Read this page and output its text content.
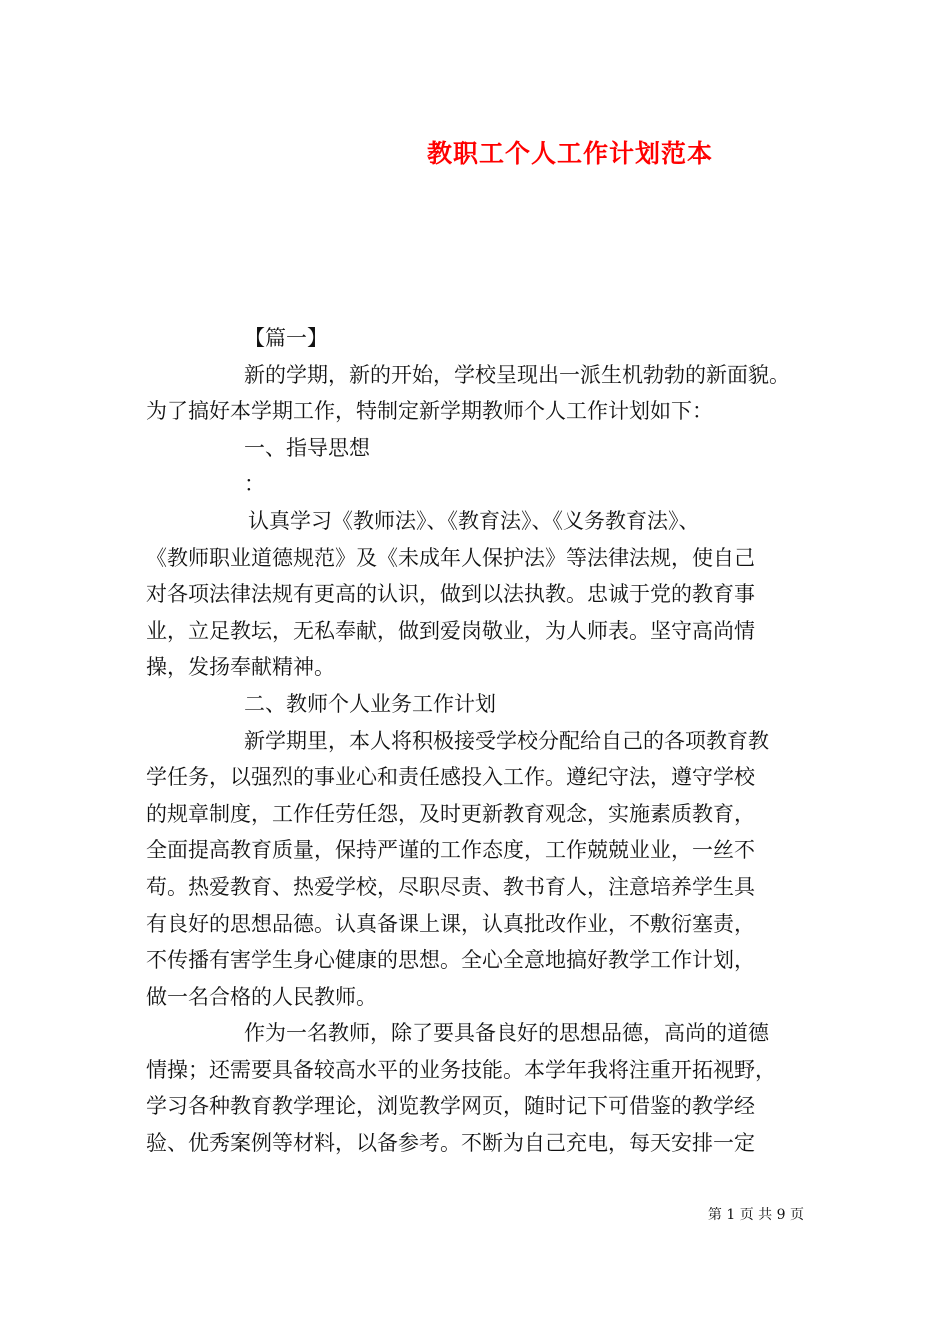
教职工个人工作计划范本
【篇一】
新的学期，新的开始，学校呈现出一派生机勃勃的新面貌。
为了搞好本学期工作，特制定新学期教师个人工作计划如下：
一、指导思想
：
认真学习《教师法》、《教育法》、《义务教育法》、
《教师职业道德规范》及《未成年人保护法》等法律法规，使自己
对各项法律法规有更高的认识，做到以法执教。忠诚于党的教育事
业，立足教坛，无私奉献，做到爱岗敬业，为人师表。坚守高尚情
操，发扬奉献精神。
二、教师个人业务工作计划
新学期里，本人将积极接受学校分配给自己的各项教育教
学任务，以强烈的事业心和责任感投入工作。遵纪守法，遵守学校
的规章制度，工作任劳任怨，及时更新教育观念，实施素质教育，
全面提高教育质量，保持严谨的工作态度，工作兢兢业业，一丝不
苟。热爱教育、热爱学校，尽职尽责、教书育人，注意培养学生具
有良好的思想品德。认真备课上课，认真批改作业，不敷衍塞责，
不传播有害学生身心健康的思想。全心全意地搞好教学工作计划，
做一名合格的人民教师。
作为一名教师，除了要具备良好的思想品德，高尚的道德
情操；还需要具备较高水平的业务技能。本学年我将注重开拓视野，
学习各种教育教学理论，浏览教学网页，随时记下可借鉴的教学经
验、优秀案例等材料，以备参考。不断为自己充电，每天安排一定
第 1 页 共 9 页
